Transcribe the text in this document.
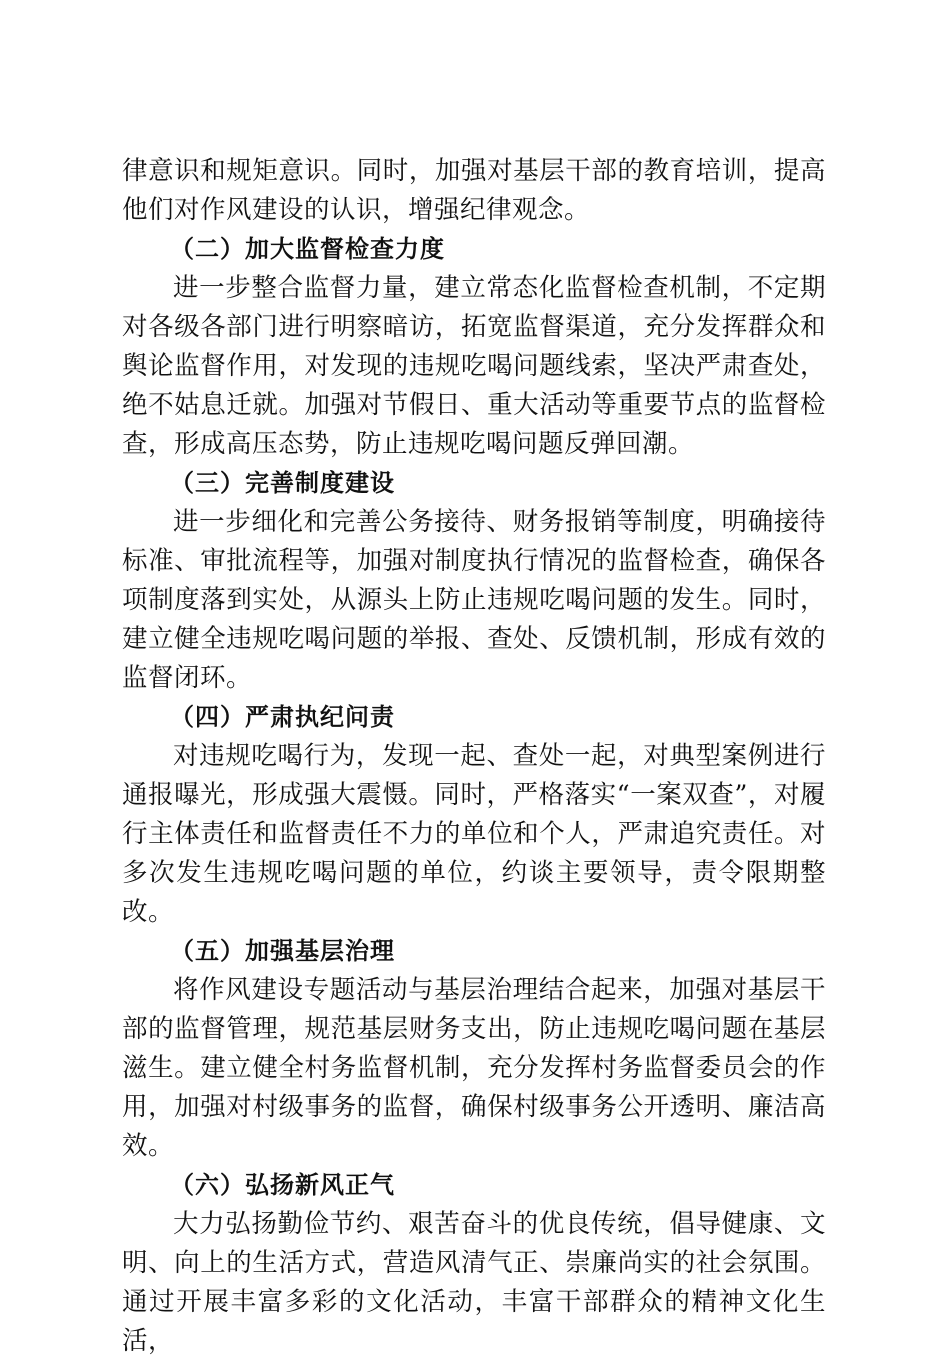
律意识和规矩意识。同时，加强对基层干部的教育培训，提高他们对作风建设的认识，增强纪律观念。

（二）加大监督检查力度

进一步整合监督力量，建立常态化监督检查机制，不定期对各级各部门进行明察暗访，拓宽监督渠道，充分发挥群众和舆论监督作用，对发现的违规吃喝问题线索，坚决严肃查处，绝不姑息迁就。加强对节假日、重大活动等重要节点的监督检查，形成高压态势，防止违规吃喝问题反弹回潮。

（三）完善制度建设

进一步细化和完善公务接待、财务报销等制度，明确接待标准、审批流程等，加强对制度执行情况的监督检查，确保各项制度落到实处，从源头上防止违规吃喝问题的发生。同时，建立健全违规吃喝问题的举报、查处、反馈机制，形成有效的监督闭环。

（四）严肃执纪问责

对违规吃喝行为，发现一起、查处一起，对典型案例进行通报曝光，形成强大震慑。同时，严格落实“一案双查”，对履行主体责任和监督责任不力的单位和个人，严肃追究责任。对多次发生违规吃喝问题的单位，约谈主要领导，责令限期整改。

（五）加强基层治理

将作风建设专题活动与基层治理结合起来，加强对基层干部的监督管理，规范基层财务支出，防止违规吃喝问题在基层滋生。建立健全村务监督机制，充分发挥村务监督委员会的作用，加强对村级事务的监督，确保村级事务公开透明、廉洁高效。

（六）弘扬新风正气

大力弘扬勤俭节约、艰苦奋斗的优良传统，倡导健康、文明、向上的生活方式，营造风清气正、崇廉尚实的社会氛围。通过开展丰富多彩的文化活动，丰富干部群众的精神文化生活，
